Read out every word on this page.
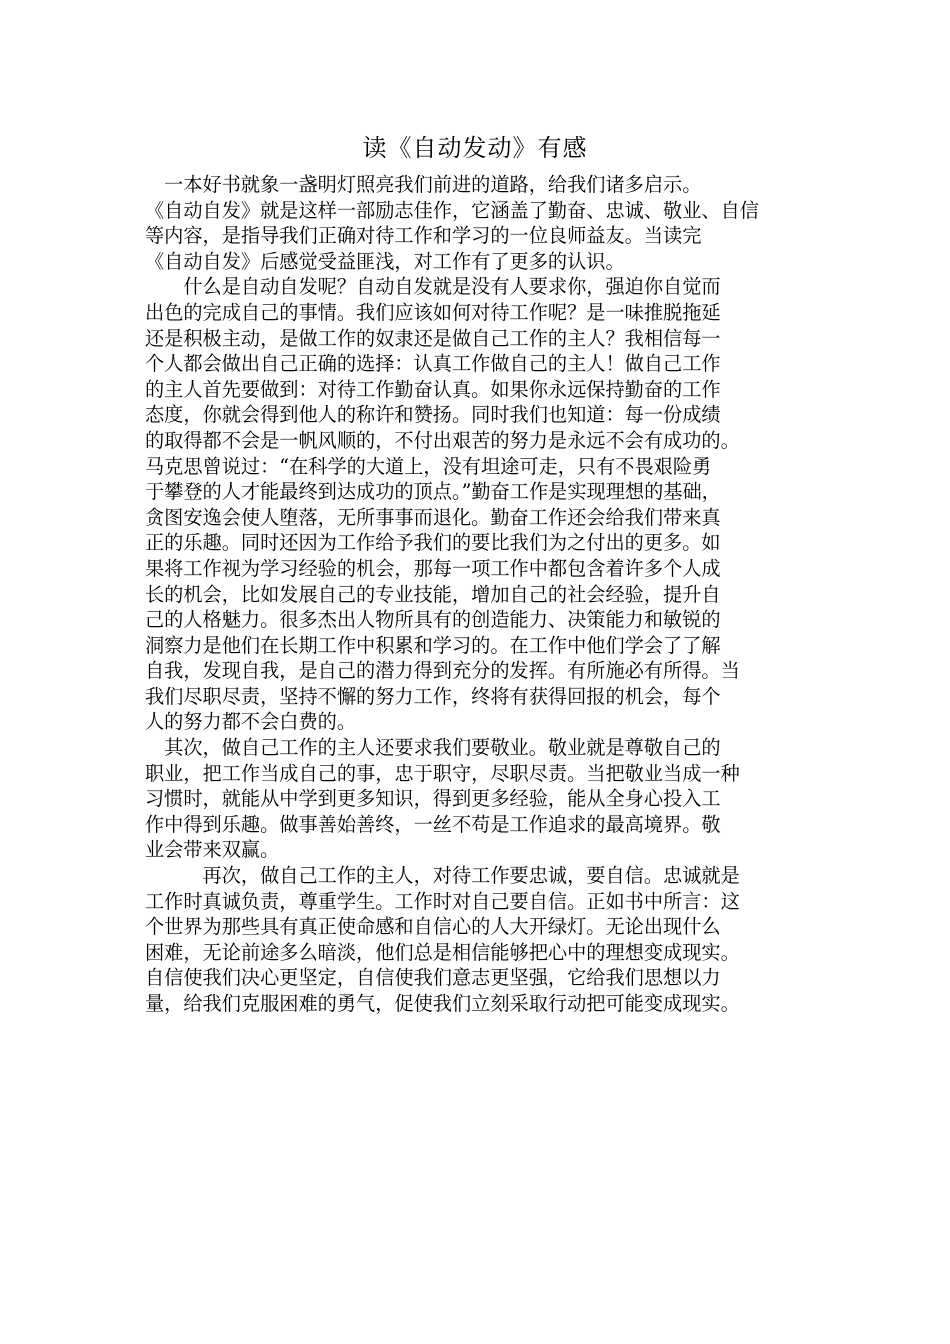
读《自动发动》有感
　一本好书就象一盏明灯照亮我们前进的道路，给我们诸多启示。
《自动自发》就是这样一部励志佳作，它涵盖了勤奋、忠诚、敬业、自信
等内容，是指导我们正确对待工作和学习的一位良师益友。当读完
《自动自发》后感觉受益匪浅，对工作有了更多的认识。
　　什么是自动自发呢？自动自发就是没有人要求你，强迫你自觉而
出色的完成自己的事情。我们应该如何对待工作呢？是一味推脱拖延
还是积极主动，是做工作的奴隶还是做自己工作的主人？我相信每一
个人都会做出自己正确的选择：认真工作做自己的主人！做自己工作
的主人首先要做到：对待工作勤奋认真。如果你永远保持勤奋的工作
态度，你就会得到他人的称许和赞扬。同时我们也知道：每一份成绩
的取得都不会是一帆风顺的，不付出艰苦的努力是永远不会有成功的。
马克思曾说过：“在科学的大道上，没有坦途可走，只有不畏艰险勇
于攀登的人才能最终到达成功的顶点。”勤奋工作是实现理想的基础，
贪图安逸会使人堕落，无所事事而退化。勤奋工作还会给我们带来真
正的乐趣。同时还因为工作给予我们的要比我们为之付出的更多。如
果将工作视为学习经验的机会，那每一项工作中都包含着许多个人成
长的机会，比如发展自己的专业技能，增加自己的社会经验，提升自
己的人格魅力。很多杰出人物所具有的创造能力、决策能力和敏锐的
洞察力是他们在长期工作中积累和学习的。在工作中他们学会了了解
自我，发现自我，是自己的潜力得到充分的发挥。有所施必有所得。当
我们尽职尽责，坚持不懈的努力工作，终将有获得回报的机会，每个
人的努力都不会白费的。
　其次，做自己工作的主人还要求我们要敬业。敬业就是尊敬自己的
职业，把工作当成自己的事，忠于职守，尽职尽责。当把敬业当成一种
习惯时，就能从中学到更多知识，得到更多经验，能从全身心投入工
作中得到乐趣。做事善始善终，一丝不苟是工作追求的最高境界。敬
业会带来双赢。
　　　再次，做自己工作的主人，对待工作要忠诚，要自信。忠诚就是
工作时真诚负责，尊重学生。工作时对自己要自信。正如书中所言：这
个世界为那些具有真正使命感和自信心的人大开绿灯。无论出现什么
困难，无论前途多么暗淡，他们总是相信能够把心中的理想变成现实。
自信使我们决心更坚定，自信使我们意志更坚强，它给我们思想以力
量，给我们克服困难的勇气，促使我们立刻采取行动把可能变成现实。
